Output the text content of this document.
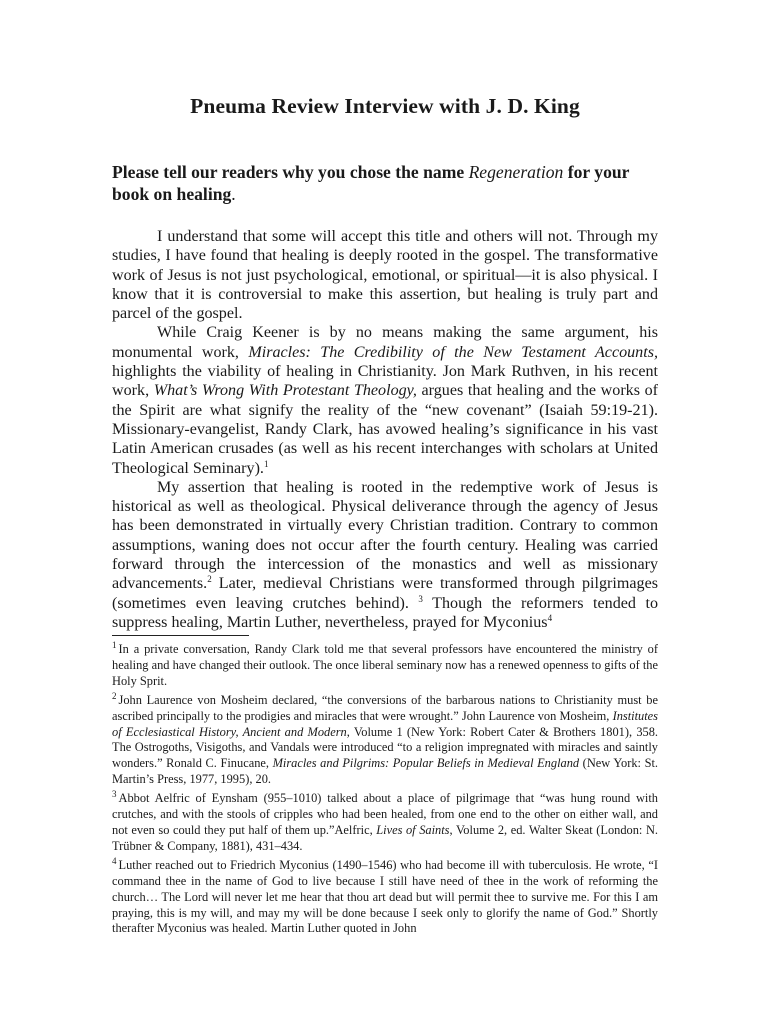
Pneuma Review Interview with J. D. King
Please tell our readers why you chose the name Regeneration for your book on healing.

I understand that some will accept this title and others will not. Through my studies, I have found that healing is deeply rooted in the gospel. The transformative work of Jesus is not just psychological, emotional, or spiritual—it is also physical. I know that it is controversial to make this assertion, but healing is truly part and parcel of the gospel.

While Craig Keener is by no means making the same argument, his monumental work, Miracles: The Credibility of the New Testament Accounts, highlights the viability of healing in Christianity. Jon Mark Ruthven, in his recent work, What’s Wrong With Protestant Theology, argues that healing and the works of the Spirit are what signify the reality of the “new covenant” (Isaiah 59:19-21). Missionary-evangelist, Randy Clark, has avowed healing’s significance in his vast Latin American crusades (as well as his recent interchanges with scholars at United Theological Seminary).$^1$

My assertion that healing is rooted in the redemptive work of Jesus is historical as well as theological. Physical deliverance through the agency of Jesus has been demonstrated in virtually every Christian tradition. Contrary to common assumptions, waning does not occur after the fourth century. Healing was carried forward through the intercession of the monastics and well as missionary advancements.$^2$ Later, medieval Christians were transformed through pilgrimages (sometimes even leaving crutches behind). $^3$ Though the reformers tended to suppress healing, Martin Luther, nevertheless, prayed for Myconius$^4$

$^1$ In a private conversation, Randy Clark told me that several professors have encountered the ministry of healing and have changed their outlook. The once liberal seminary now has a renewed openness to gifts of the Holy Sprit.

$^2$ John Laurence von Mosheim declared, “the conversions of the barbarous nations to Christianity must be ascribed principally to the prodigies and miracles that were wrought.” John Laurence von Mosheim, Institutes of Ecclesiastical History, Ancient and Modern, Volume 1 (New York: Robert Cater & Brothers 1801), 358. The Ostrogoths, Visigoths, and Vandals were introduced “to a religion impregnated with miracles and saintly wonders.” Ronald C. Finucane, Miracles and Pilgrims: Popular Beliefs in Medieval England (New York: St. Martin’s Press, 1977, 1995), 20.

$^3$ Abbot Aelfric of Eynsham (955–1010) talked about a place of pilgrimage that “was hung round with crutches, and with the stools of cripples who had been healed, from one end to the other on either wall, and not even so could they put half of them up.”Aelfric, Lives of Saints, Volume 2, ed. Walter Skeat (London: N. Trübner & Company, 1881), 431–434.

$^4$ Luther reached out to Friedrich Myconius (1490–1546) who had become ill with tuberculosis. He wrote, “I command thee in the name of God to live because I still have need of thee in the work of reforming the church… The Lord will never let me hear that thou art dead but will permit thee to survive me. For this I am praying, this is my will, and may my will be done because I seek only to glorify the name of God.” Shortly therafter Myconius was healed. Martin Luther quoted in John
